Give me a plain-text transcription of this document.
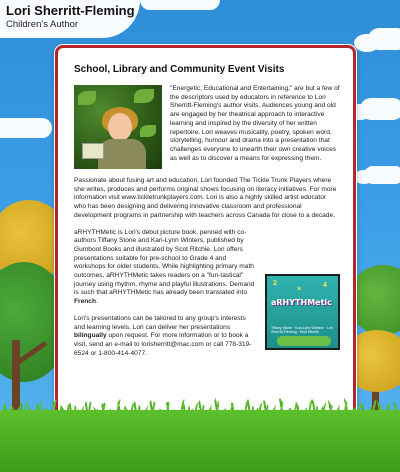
Lori Sherritt-Fleming
Children's Author
School, Library and Community Event Visits

"Energetic, Educational and Entertaining," are but a few of the descriptors used by educators in reference to Lori Sherritt-Fleming's author visits. Audiences young and old are engaged by her theatrical approach to interactive learning and inspired by the diversity of her written repertoire. Lori weaves musicality, poetry, spoken word, storytelling, humour and drama into a presentation that challenges everyone to unearth their own creative voices as well as to discover a means for expressing them.

Passionate about fusing art and education, Lori founded The Tickle Trunk Players where she writes, produces and performs original shows focusing on literacy initiatives. For more information visit www.tickletrunkplayers.com. Lori is also a highly skilled artist educator who has been designing and delivering innovative classroom and professional development programs in partnership with teachers across Canada for close to a decade.

aRHYTHMetic is Lori's debut picture book, penned with co-authors Tiffany Stone and Kari-Lynn Winters, published by Gumboot Books and illustrated by Scot Ritchie. Lori offers presentations suitable for pre-school to Grade 4 and workshops for older students. While highlighting primary math outcomes, aRHYTHMetic takes readers on a "fun-tastical" journey using rhythm, rhyme and playful illustrations. Demand is such that aRHYTHMetic has already been translated into French.

Lori's presentations can be tailored to any group's interests and learning levels. Lori can deliver her presentations bilingually upon request. For more information or to book a visit, send an e-mail to lorisherritt@mac.com or call 778-319-6524 or 1-800-414-4077.

2	4
×
aRHYTHMetic
Tiffany Stone · Kari-Lynn Winters · Lori Sherritt-Fleming · Scot Ritchie
